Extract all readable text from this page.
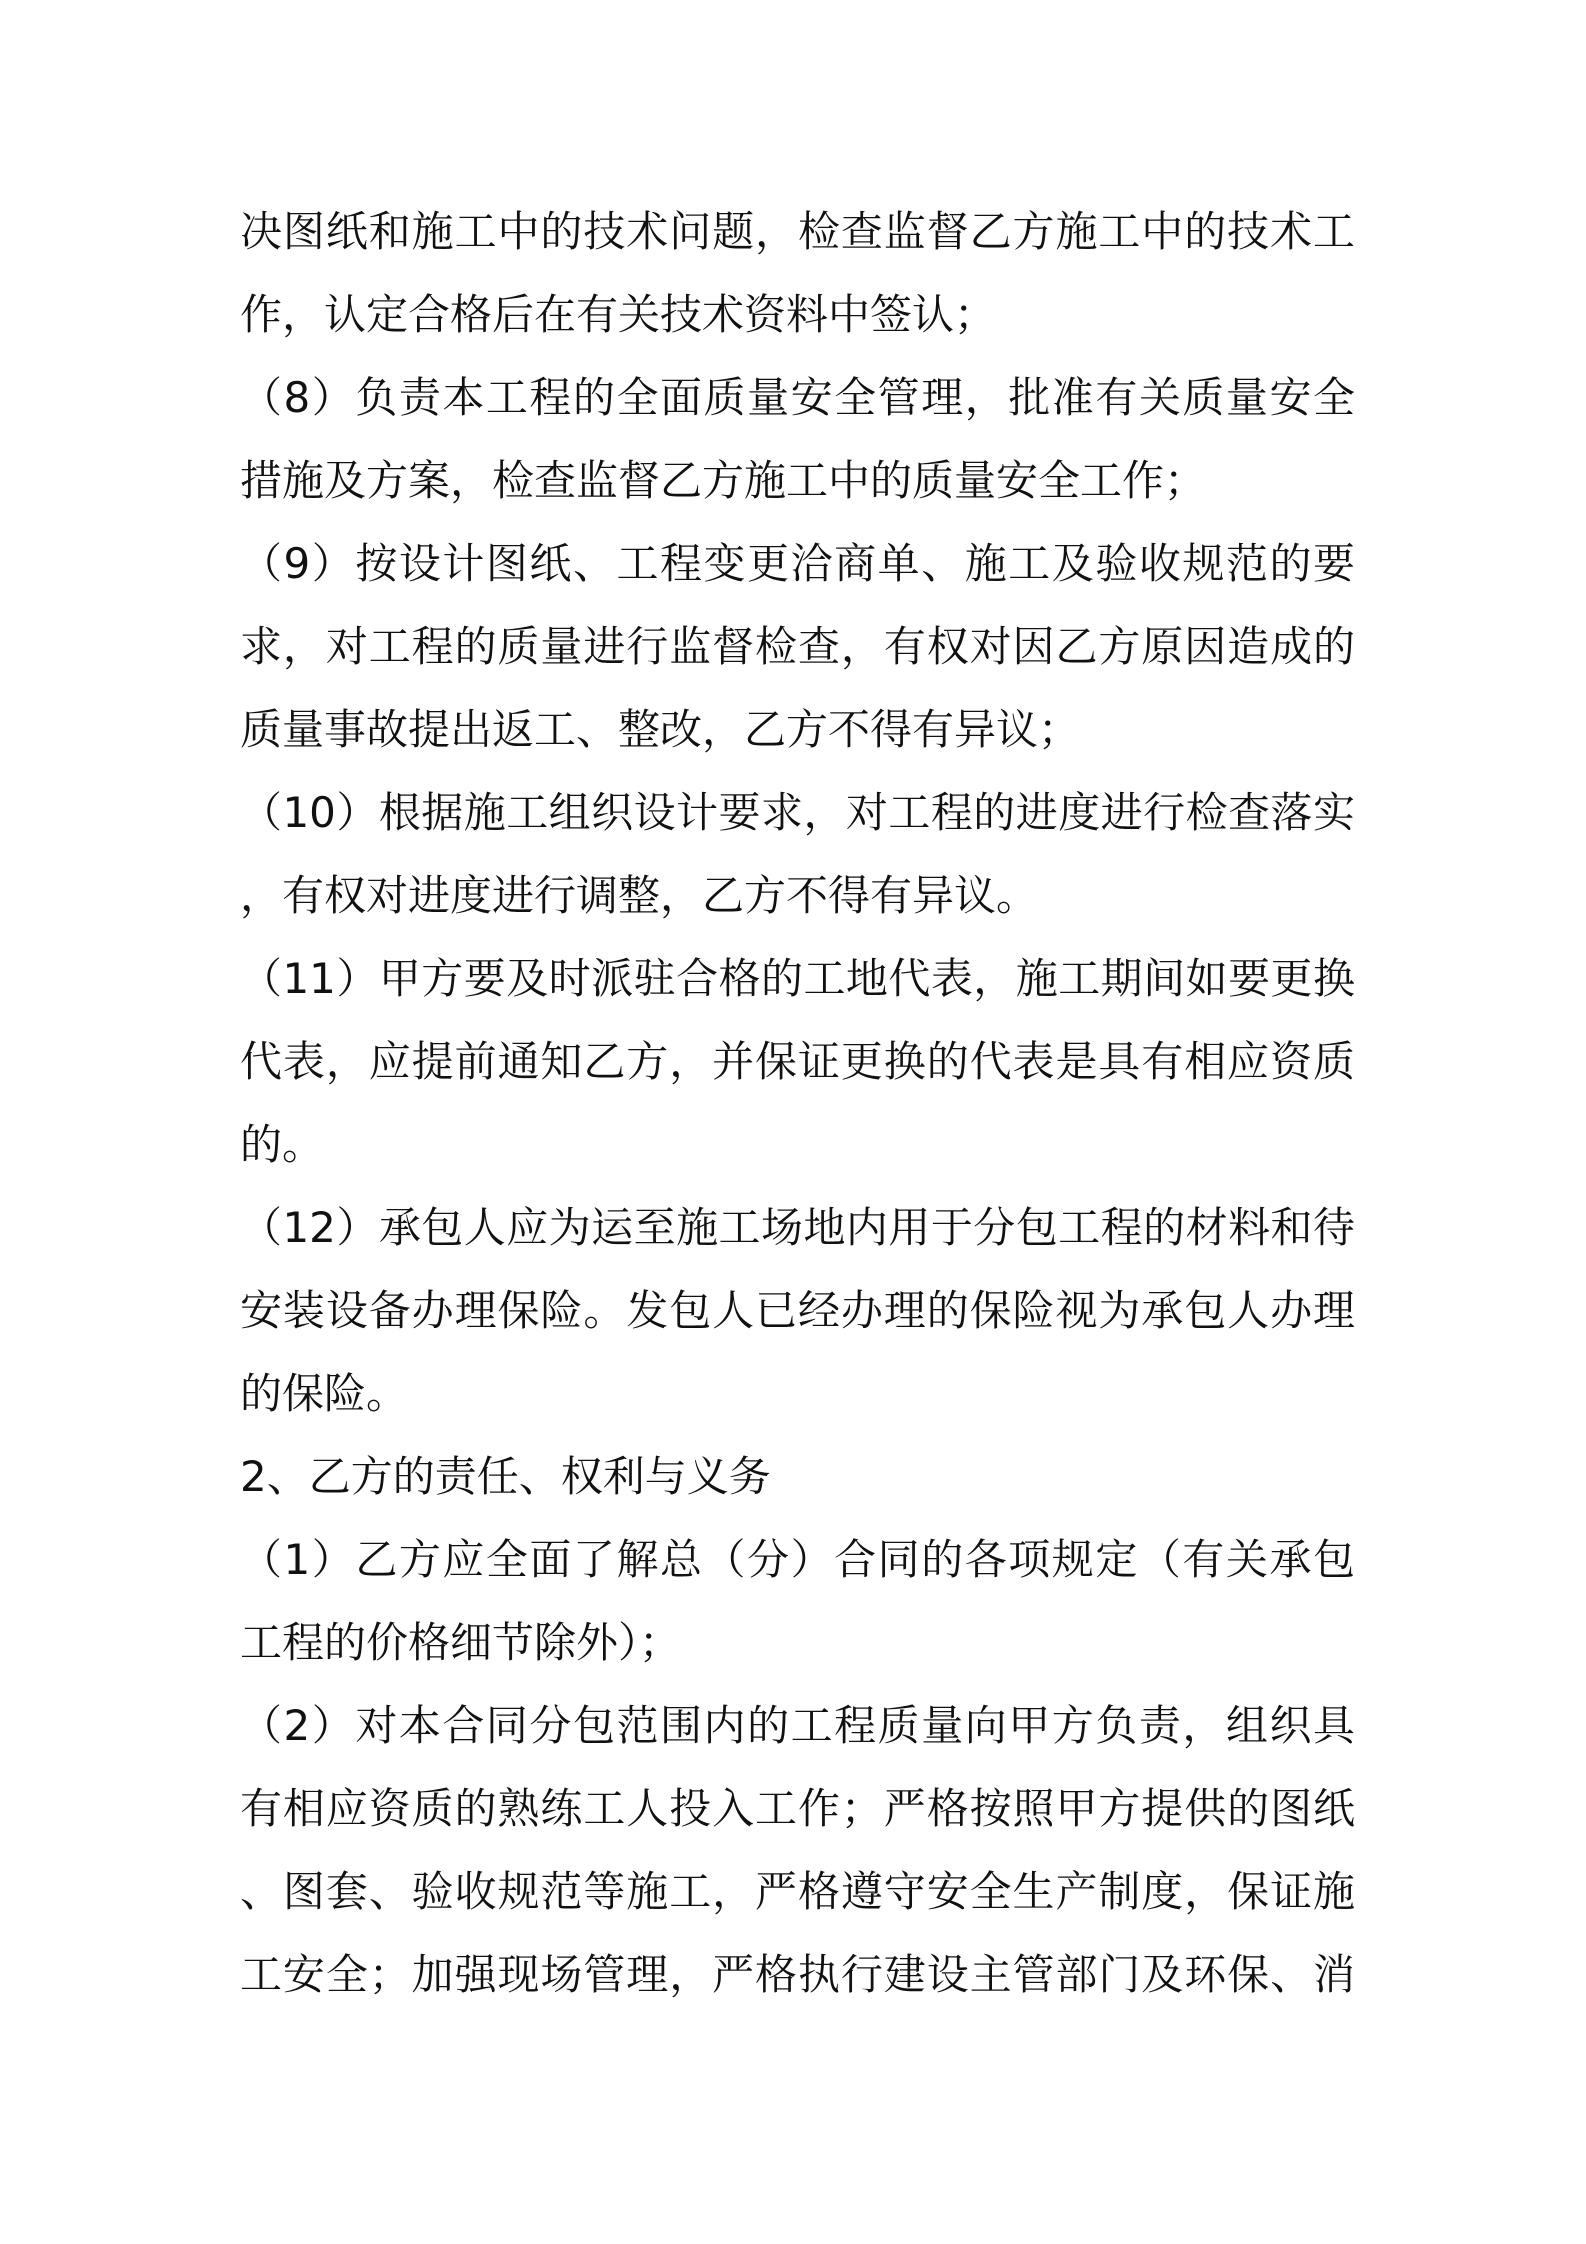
决图纸和施工中的技术问题，检查监督乙方施工中的技术工
作，认定合格后在有关技术资料中签认；
（8）负责本工程的全面质量安全管理，批准有关质量安全
措施及方案，检查监督乙方施工中的质量安全工作；
（9）按设计图纸、工程变更洽商单、施工及验收规范的要
求，对工程的质量进行监督检查，有权对因乙方原因造成的
质量事故提出返工、整改，乙方不得有异议；
（10）根据施工组织设计要求，对工程的进度进行检查落实
，有权对进度进行调整，乙方不得有异议。
（11）甲方要及时派驻合格的工地代表，施工期间如要更换
代表，应提前通知乙方，并保证更换的代表是具有相应资质
的。
（12）承包人应为运至施工场地内用于分包工程的材料和待
安装设备办理保险。发包人已经办理的保险视为承包人办理
的保险。
2、乙方的责任、权利与义务
（1）乙方应全面了解总（分）合同的各项规定（有关承包
工程的价格细节除外）；
（2）对本合同分包范围内的工程质量向甲方负责，组织具
有相应资质的熟练工人投入工作；严格按照甲方提供的图纸
、图套、验收规范等施工，严格遵守安全生产制度，保证施
工安全；加强现场管理，严格执行建设主管部门及环保、消
